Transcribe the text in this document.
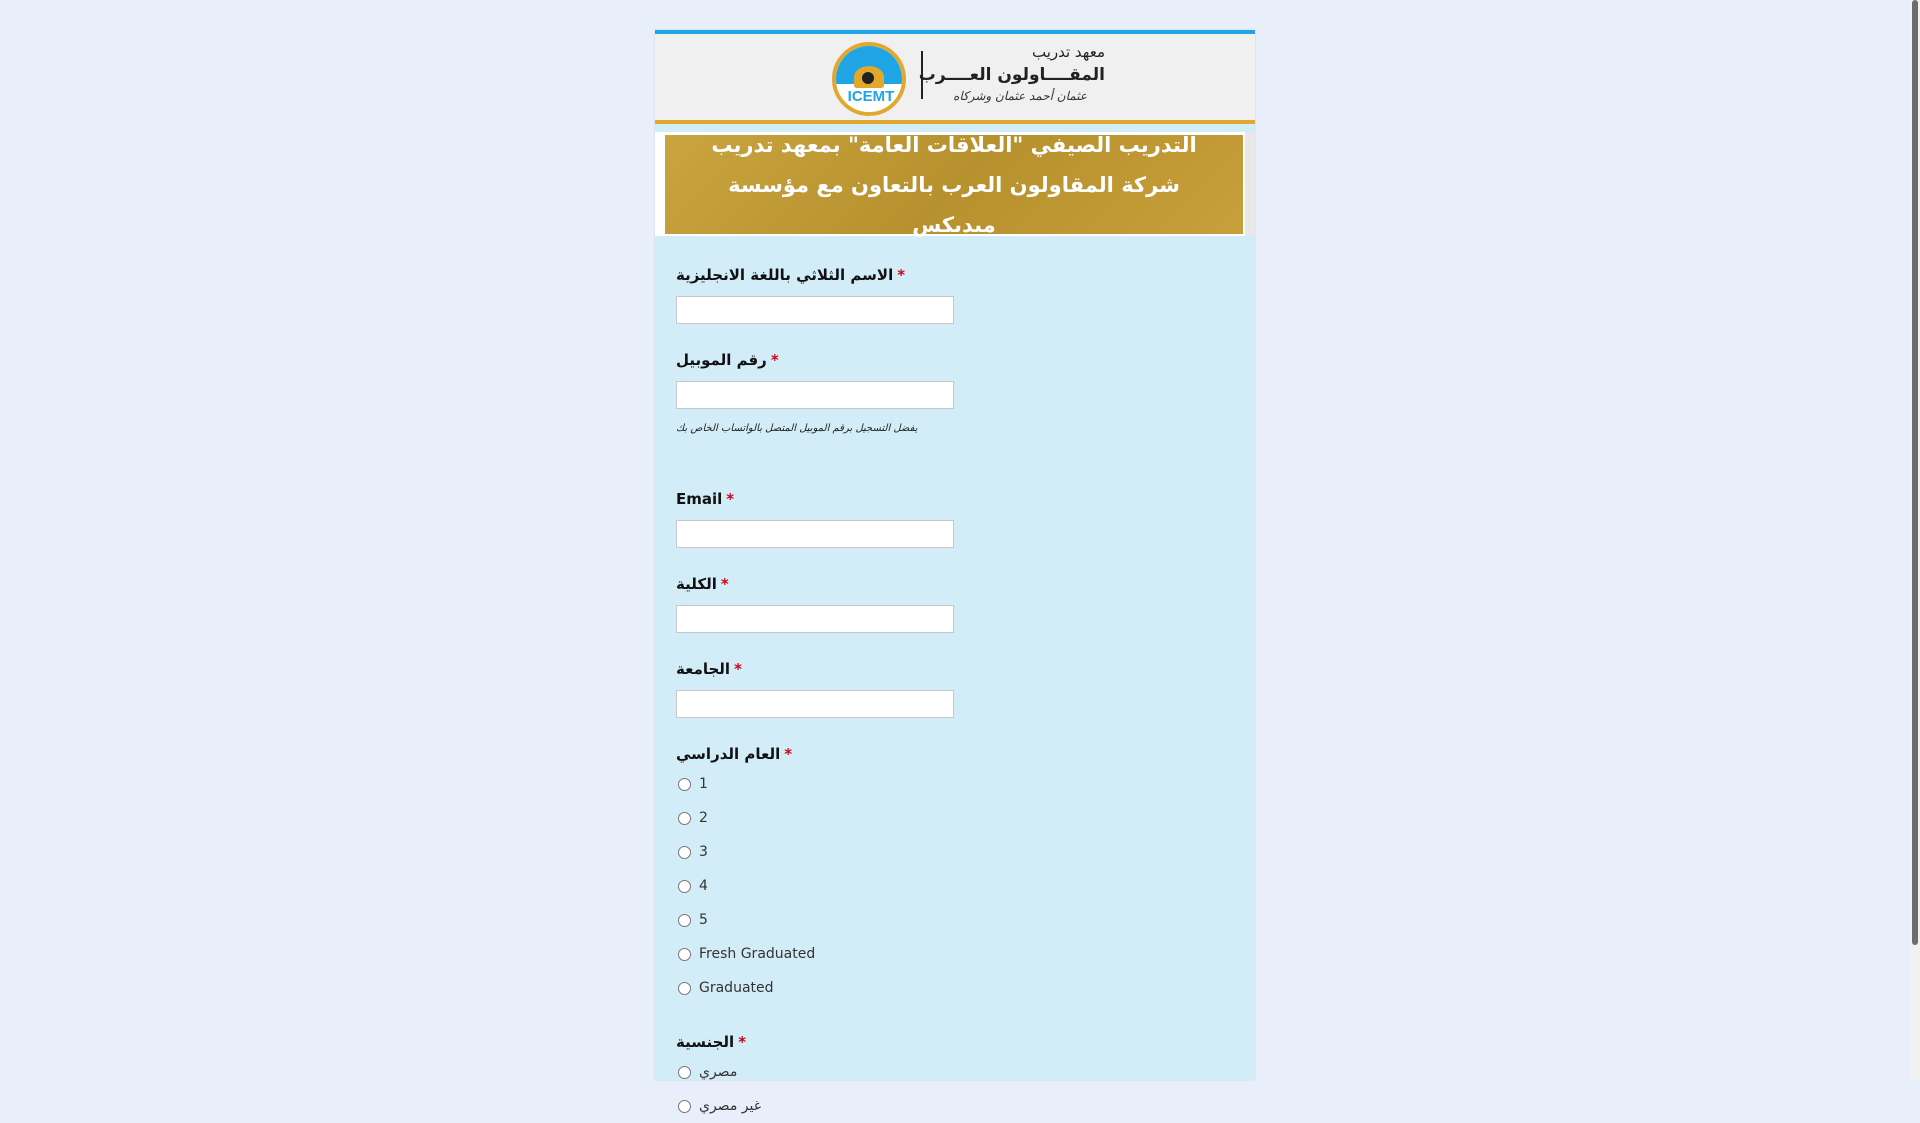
ICEMT
معهد تدريب
المقــــاولون العــــرب
عثمان أحمد عثمان وشركاه
التدريب الصيفي "العلاقات العامة" بمعهد تدريب شركة المقاولون العرب بالتعاون مع مؤسسة ميديكس
الاسم الثلاثي باللغة الانجليزية *
رقم الموبيل *
يفضل التسجيل برقم الموبيل المتصل بالواتساب الخاص بك
Email *
الكلية *
الجامعة *
العام الدراسي *
1
2
3
4
5
Fresh Graduated
Graduated
الجنسية *
مصري
غير مصري
